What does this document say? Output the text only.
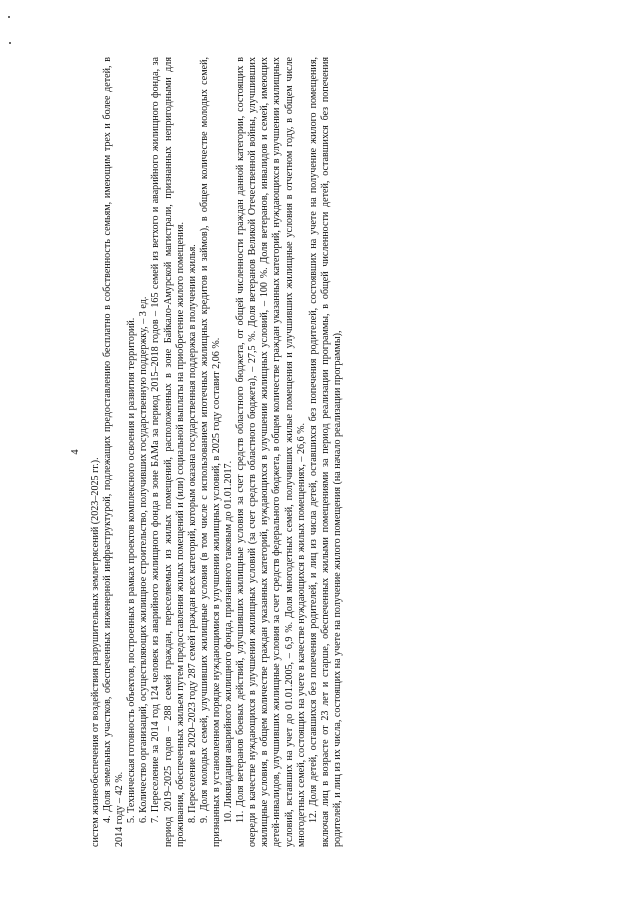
4

систем жизнеобеспечения от воздействия разрушительных землетрясений (2023–2025 гг.). 4. Доля земельных участков, обеспеченных инженерной инфраструктурой, подлежащих предоставлению бесплатно в собственность семьям, имеющим трех и более детей, в 2014 году – 42 %. 5. Техническая готовность объектов, построенных в рамках проектов комплексного освоения и развития территорий. 6. Количество организаций, осуществляющих жилищное строительство, получивших государственную поддержку, – 3 ед. 7. Переселение за 2014 год 124 человек из аварийного жилищного фонда в зоне БАМа за период 2015–2018 годов – 165 семей из ветхого и аварийного жилищного фонда, за период 2019–2025 годов – 288 семей граждан, переселяемых из жилых помещений, расположенных в зоне Байкало-Амурской магистрали, признанных непригодными для проживания, обеспеченных жильем путем предоставления жилых помещений и (или) социальной выплаты на приобретение жилого помещения. 8. Переселение в 2020–2023 году 287 семей граждан всех категорий, которым оказана государственная поддержка в получении жилья. 9. Доля молодых семей, улучшивших жилищные условия (в том числе с использованием ипотечных жилищных кредитов и займов), в общем количестве молодых семей, признанных в установленном порядке нуждающимися в улучшении жилищных условий, в 2025 году составит 2,06 %. 10. Ликвидация аварийного жилищного фонда, признанного таковым до 01.01.2017. 11. Доля ветеранов боевых действий, улучшивших жилищные условия за счет средств областного бюджета, от общей численности граждан данной категории, состоящих в очереди в качестве нуждающихся в улучшении жилищных условий (за счет средств областного бюджета), – 27,5 %. Доля ветеранов Великой Отечественной войны, улучшивших жилищные условия, в общем количестве граждан указанных категорий, нуждающихся в улучшении жилищных условий, – 100 %. Доля ветеранов, инвалидов и семей, имеющих детей-инвалидов, улучшивших жилищные условия за счет средств федерального бюджета, в общем количестве граждан указанных категорий, нуждающихся в улучшении жилищных условий, вставших на учет до 01.01.2005, – 6,9 %. Доля многодетных семей, получивших жилые помещения и улучшивших жилищные условия в отчетном году, в общем числе многодетных семей, состоящих на учете в качестве нуждающихся в жилых помещениях, – 26,6 %. 12. Доля детей, оставшихся без попечения родителей, и лиц из числа детей, оставшихся без попечения родителей, состоявших на учете на получение жилого помещения, включая лиц в возрасте от 23 лет и старше, обеспеченных жилыми помещениями за период реализации программы, в общей численности детей, оставшихся без попечения родителей, и лиц из их числа, состоящих на учете на получение жилого помещения (на начало реализации программы),
